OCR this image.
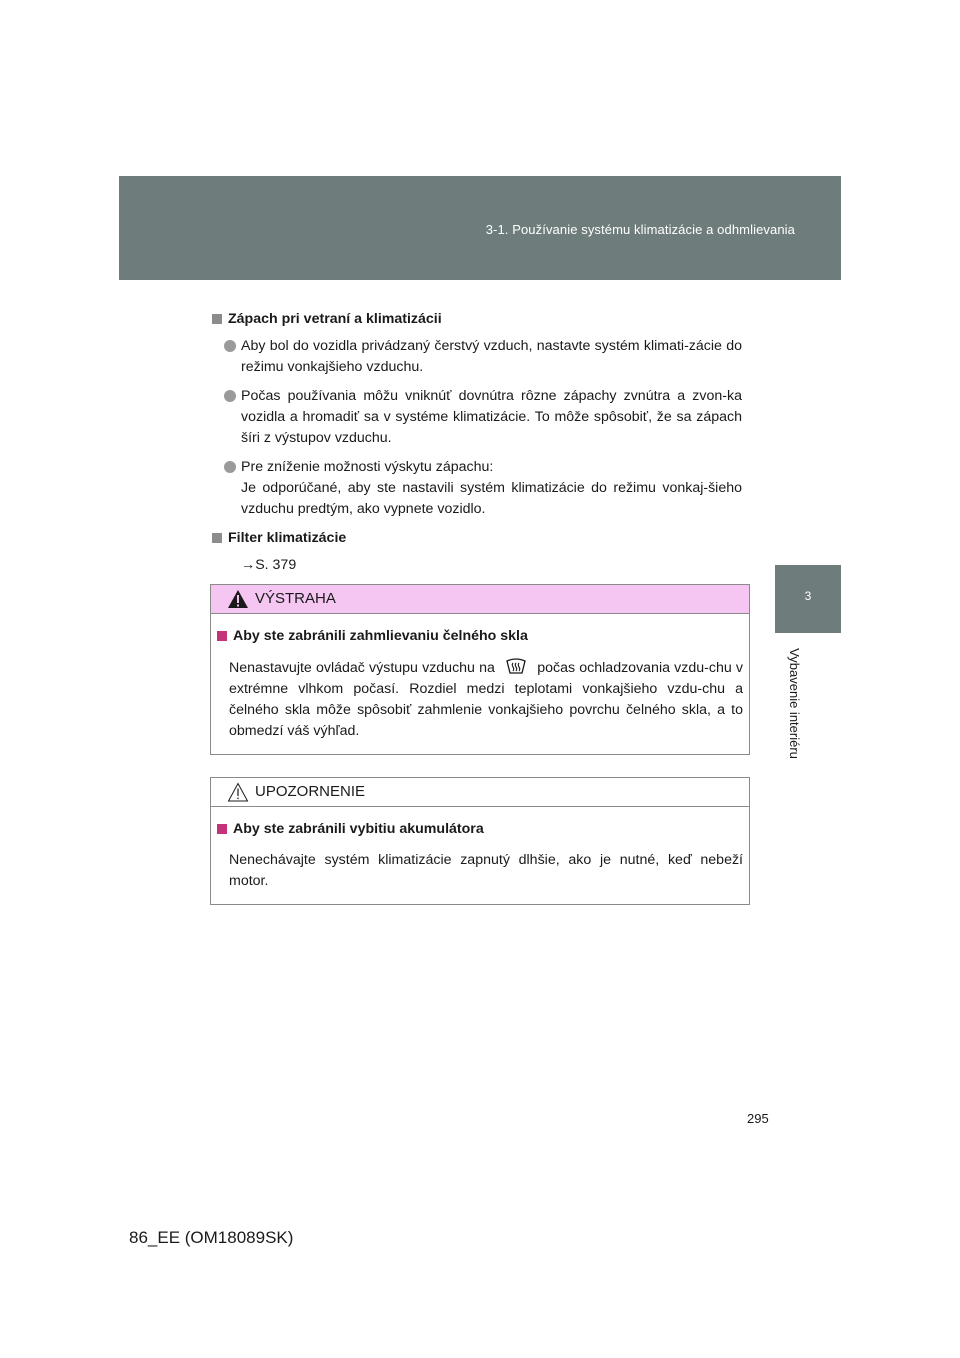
3-1. Používanie systému klimatizácie a odhmlievania
3
Vybavenie interiéru
Zápach pri vetraní a klimatizácii
Aby bol do vozidla privádzaný čerstvý vzduch, nastavte systém klimati-zácie do režimu vonkajšieho vzduchu.
Počas používania môžu vniknúť dovnútra rôzne zápachy zvnútra a zvon-ka vozidla a hromadiť sa v systéme klimatizácie. To môže spôsobiť, že sa zápach šíri z výstupov vzduchu.
Pre zníženie možnosti výskytu zápachu:
Je odporúčané, aby ste nastavili systém klimatizácie do režimu vonkaj-šieho vzduchu predtým, ako vypnete vozidlo.
Filter klimatizácie
→S. 379
VÝSTRAHA
Aby ste zabránili zahmlievaniu čelného skla
Nenastavujte ovládač výstupu vzduchu na	počas ochladzovania vzdu-chu v extrémne vlhkom počasí. Rozdiel medzi teplotami vonkajšieho vzdu-chu a čelného skla môže spôsobiť zahmlenie vonkajšieho povrchu čelného skla, a to obmedzí váš výhľad.
UPOZORNENIE
Aby ste zabránili vybitiu akumulátora
Nenechávajte systém klimatizácie zapnutý dlhšie, ako je nutné, keď nebeží motor.
295
86_EE (OM18089SK)
